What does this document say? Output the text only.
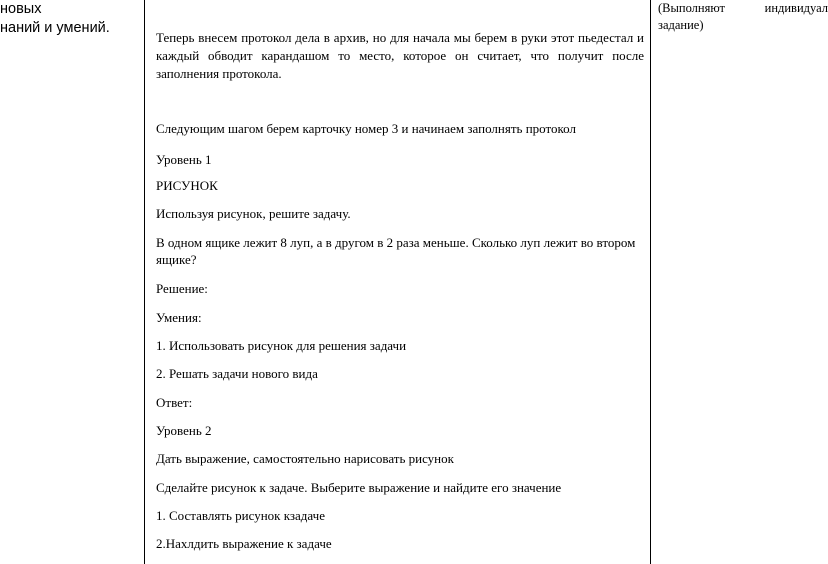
новых
наний и умений.
Теперь внесем протокол дела в архив, но для начала мы берем в руки этот пьедестал и
каждый обводит карандашом то место, которое он считает, что получит после
заполнения протокола.
Следующим шагом берем карточку номер 3 и начинаем заполнять протокол
Уровень 1
РИСУНОК
Используя рисунок, решите задачу.
В одном ящике лежит 8 луп, а в другом в 2 раза меньше. Сколько луп лежит во втором
ящике?
Решение:
Умения:
1. Использовать рисунок для решения задачи
2. Решать задачи нового вида
Ответ:
Уровень 2
Дать выражение, самостоятельно нарисовать рисунок
Сделайте рисунок к задаче. Выберите выражение и найдите его значение
1. Составлять рисунок кзадаче
2.Нахлдить выражение к задаче
(Выполняют	индивидуал
задание)
